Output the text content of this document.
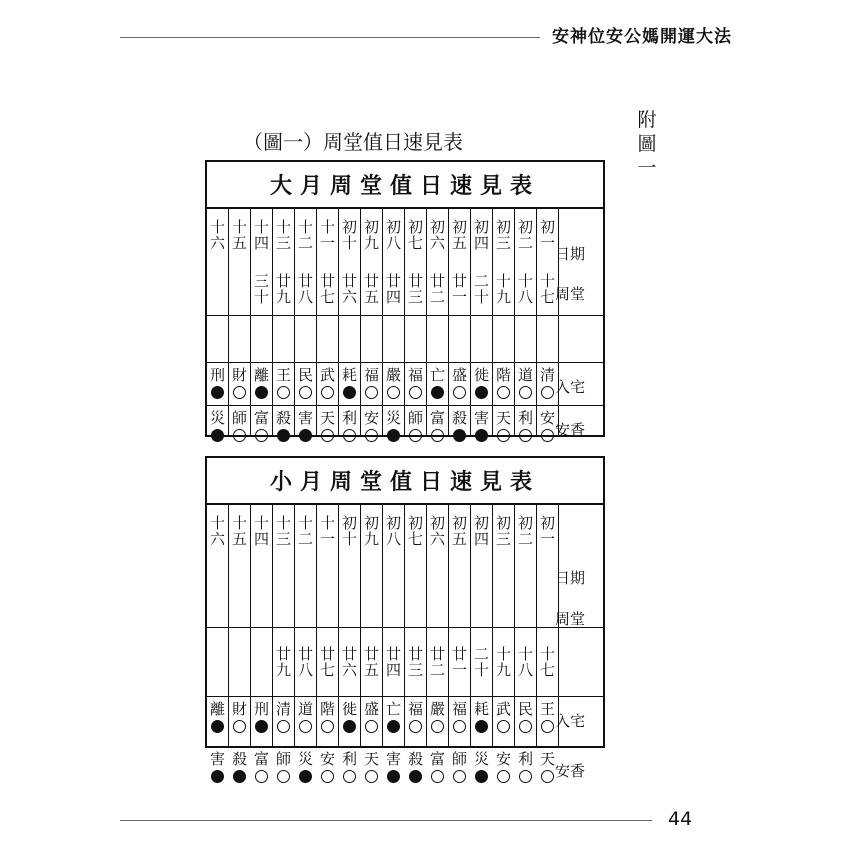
安神位安公媽開運大法
附
圖
一
（圖一）周堂值日速見表
大月周堂值日速見表
十
六
刑
災
十
五
財
師
十
四
三
十
離
富
十
三
廿
九
王
殺
十
二
廿
八
民
害
十
一
廿
七
武
天
初
十
廿
六
耗
利
初
九
廿
五
福
安
初
八
廿
四
嚴
災
初
七
廿
三
福
師
初
六
廿
二
亡
富
初
五
廿
一
盛
殺
初
四
二
十
徙
害
初
三
十
九
階
天
初
二
十
八
道
利
初
一
十
七
清
安
日期
周堂
入宅
安香
小月周堂值日速見表
十
六
離
害
十
五
財
殺
十
四
刑
富
十
三
廿
九
清
師
十
二
廿
八
道
災
十
一
廿
七
階
安
初
十
廿
六
徙
利
初
九
廿
五
盛
天
初
八
廿
四
亡
害
初
七
廿
三
福
殺
初
六
廿
二
嚴
富
初
五
廿
一
福
師
初
四
二
十
耗
災
初
三
十
九
武
安
初
二
十
八
民
利
初
一
十
七
王
天
日期
周堂
入宅
安香
44
